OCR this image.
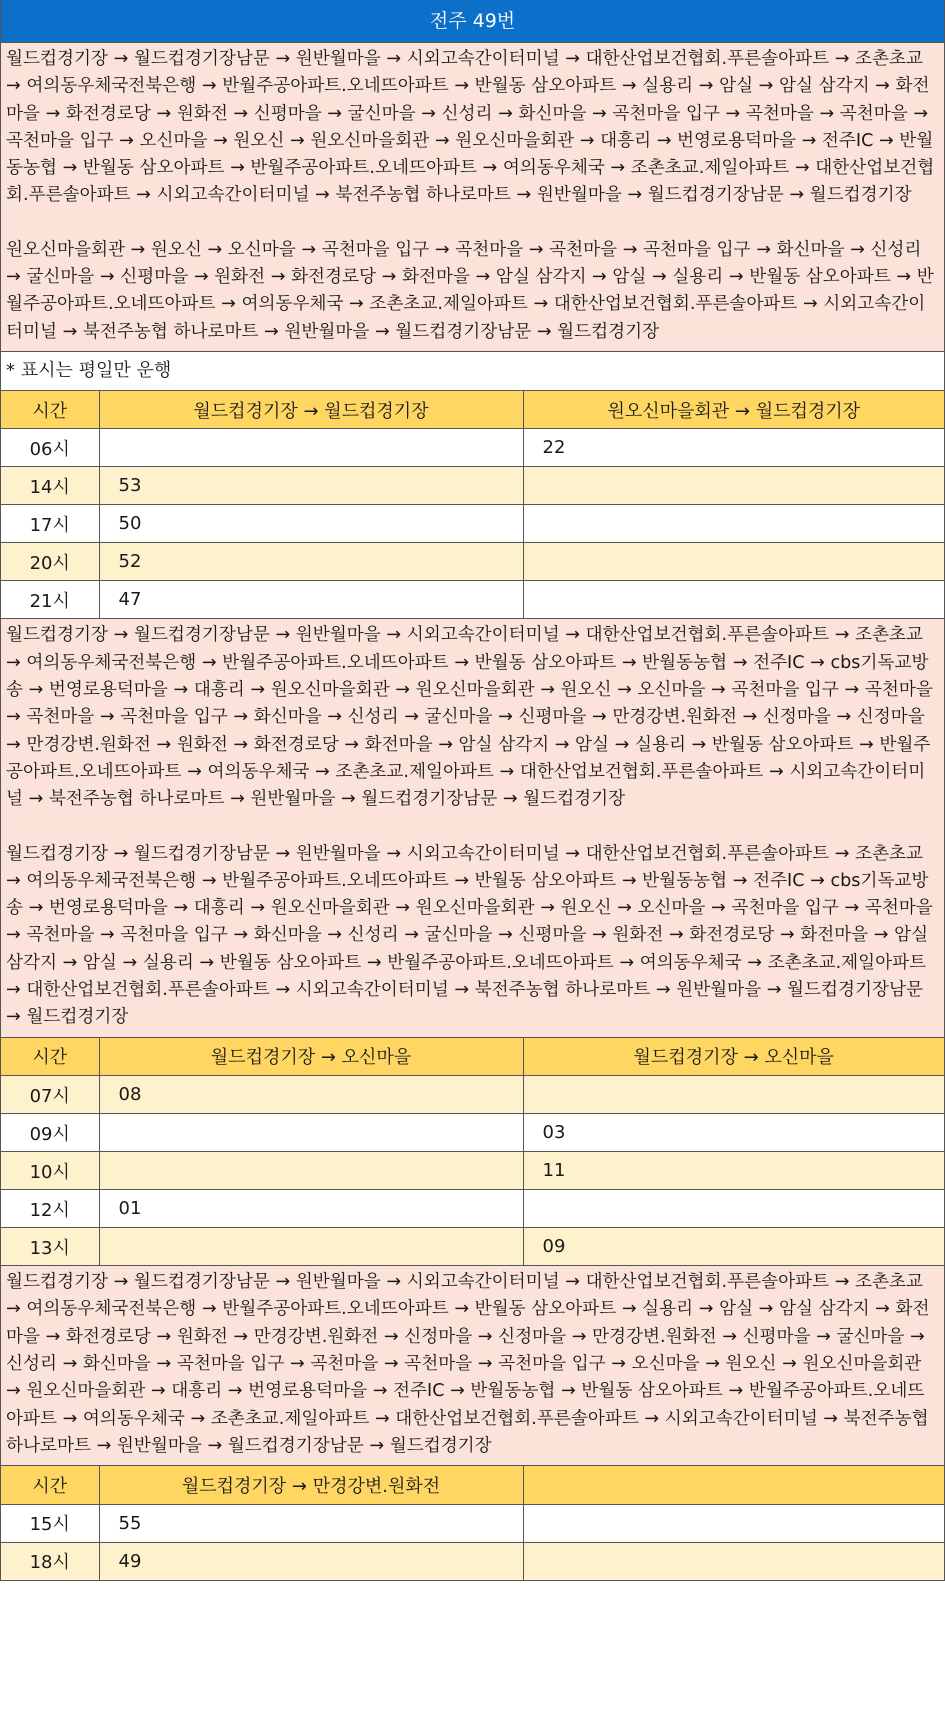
전주 49번

월드컵경기장 → 월드컵경기장남문 → 원반월마을 → 시외고속간이터미널 → 대한산업보건협회.푸른솔아파트 → 조촌초교 → 여의동우체국전북은행 → 반월주공아파트.오네뜨아파트 → 반월동 삼오아파트 → 실용리 → 암실 → 암실 삼각지 → 화전마을 → 화전경로당 → 원화전 → 신평마을 → 굴신마을 → 신성리 → 화신마을 → 곡천마을 입구 → 곡천마을 → 곡천마을 → 곡천마을 입구 → 오신마을 → 원오신 → 원오신마을회관 → 원오신마을회관 → 대흥리 → 번영로용덕마을 → 전주IC → 반월동농협 → 반월동 삼오아파트 → 반월주공아파트.오네뜨아파트 → 여의동우체국 → 조촌초교.제일아파트 → 대한산업보건협회.푸른솔아파트 → 시외고속간이터미널 → 북전주농협 하나로마트 → 원반월마을 → 월드컵경기장남문 → 월드컵경기장

원오신마을회관 → 원오신 → 오신마을 → 곡천마을 입구 → 곡천마을 → 곡천마을 → 곡천마을 입구 → 화신마을 → 신성리 → 굴신마을 → 신평마을 → 원화전 → 화전경로당 → 화전마을 → 암실 삼각지 → 암실 → 실용리 → 반월동 삼오아파트 → 반월주공아파트.오네뜨아파트 → 여의동우체국 → 조촌초교.제일아파트 → 대한산업보건협회.푸른솔아파트 → 시외고속간이터미널 → 북전주농협 하나로마트 → 원반월마을 → 월드컵경기장남문 → 월드컵경기장

* 표시는 평일만 운행
시간	월드컵경기장 → 월드컵경기장	원오신마을회관 → 월드컵경기장
06시		22
14시	53	
17시	50	
20시	52	
21시	47	

월드컵경기장 → 월드컵경기장남문 → 원반월마을 → 시외고속간이터미널 → 대한산업보건협회.푸른솔아파트 → 조촌초교 → 여의동우체국전북은행 → 반월주공아파트.오네뜨아파트 → 반월동 삼오아파트 → 반월동농협 → 전주IC → cbs기독교방송 → 번영로용덕마을 → 대흥리 → 원오신마을회관 → 원오신마을회관 → 원오신 → 오신마을 → 곡천마을 입구 → 곡천마을 → 곡천마을 → 곡천마을 입구 → 화신마을 → 신성리 → 굴신마을 → 신평마을 → 만경강변.원화전 → 신정마을 → 신정마을 → 만경강변.원화전 → 원화전 → 화전경로당 → 화전마을 → 암실 삼각지 → 암실 → 실용리 → 반월동 삼오아파트 → 반월주공아파트.오네뜨아파트 → 여의동우체국 → 조촌초교.제일아파트 → 대한산업보건협회.푸른솔아파트 → 시외고속간이터미널 → 북전주농협 하나로마트 → 원반월마을 → 월드컵경기장남문 → 월드컵경기장

월드컵경기장 → 월드컵경기장남문 → 원반월마을 → 시외고속간이터미널 → 대한산업보건협회.푸른솔아파트 → 조촌초교 → 여의동우체국전북은행 → 반월주공아파트.오네뜨아파트 → 반월동 삼오아파트 → 반월동농협 → 전주IC → cbs기독교방송 → 번영로용덕마을 → 대흥리 → 원오신마을회관 → 원오신마을회관 → 원오신 → 오신마을 → 곡천마을 입구 → 곡천마을 → 곡천마을 → 곡천마을 입구 → 화신마을 → 신성리 → 굴신마을 → 신평마을 → 원화전 → 화전경로당 → 화전마을 → 암실 삼각지 → 암실 → 실용리 → 반월동 삼오아파트 → 반월주공아파트.오네뜨아파트 → 여의동우체국 → 조촌초교.제일아파트 → 대한산업보건협회.푸른솔아파트 → 시외고속간이터미널 → 북전주농협 하나로마트 → 원반월마을 → 월드컵경기장남문 → 월드컵경기장

시간	월드컵경기장 → 오신마을	월드컵경기장 → 오신마을
07시	08	
09시		03
10시		11
12시	01	
13시		09

월드컵경기장 → 월드컵경기장남문 → 원반월마을 → 시외고속간이터미널 → 대한산업보건협회.푸른솔아파트 → 조촌초교 → 여의동우체국전북은행 → 반월주공아파트.오네뜨아파트 → 반월동 삼오아파트 → 실용리 → 암실 → 암실 삼각지 → 화전마을 → 화전경로당 → 원화전 → 만경강변.원화전 → 신정마을 → 신정마을 → 만경강변.원화전 → 신평마을 → 굴신마을 → 신성리 → 화신마을 → 곡천마을 입구 → 곡천마을 → 곡천마을 → 곡천마을 입구 → 오신마을 → 원오신 → 원오신마을회관 → 원오신마을회관 → 대흥리 → 번영로용덕마을 → 전주IC → 반월동농협 → 반월동 삼오아파트 → 반월주공아파트.오네뜨아파트 → 여의동우체국 → 조촌초교.제일아파트 → 대한산업보건협회.푸른솔아파트 → 시외고속간이터미널 → 북전주농협 하나로마트 → 원반월마을 → 월드컵경기장남문 → 월드컵경기장

시간	월드컵경기장 → 만경강변.원화전	
15시	55	
18시	49	
